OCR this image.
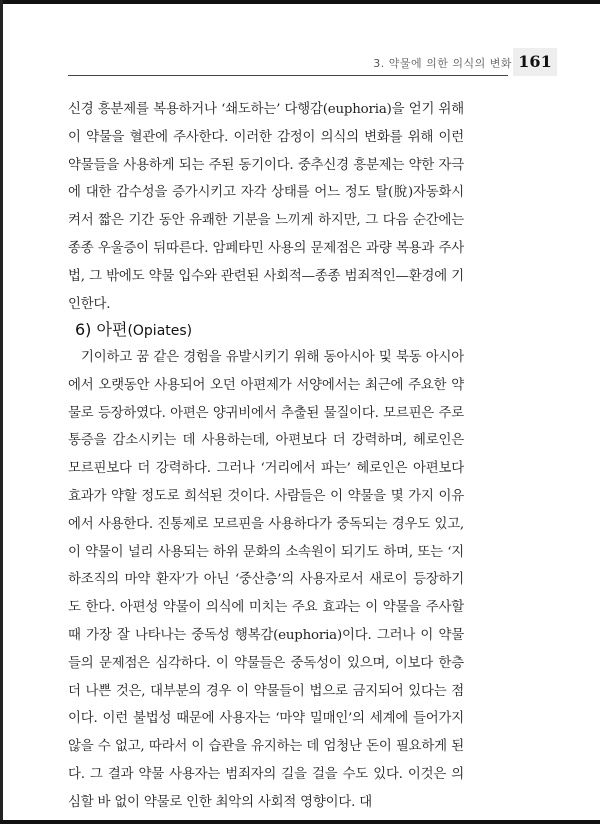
3. 약물에 의한 의식의 변화 161

신경 흥분제를 복용하거나 ‘쇄도하는’ 다행감(euphoria)을 얻기 위해 이 약물을 혈관에 주사한다. 이러한 감정이 의식의 변화를 위해 이런 약물들을 사용하게 되는 주된 동기이다. 중추신경 흥분제는 약한 자극에 대한 감수성을 증가시키고 자각 상태를 어느 정도 탈(脫)자동화시켜서 짧은 기간 동안 유쾌한 기분을 느끼게 하지만, 그 다음 순간에는 종종 우울증이 뒤따른다. 암페타민 사용의 문제점은 과량 복용과 주사법, 그 밖에도 약물 입수와 관련된 사회적—종종 범죄적인—환경에 기인한다.

6) 아편(Opiates)

기이하고 꿈 같은 경험을 유발시키기 위해 동아시아 및 북동 아시아에서 오랫동안 사용되어 오던 아편제가 서양에서는 최근에 주요한 약물로 등장하였다. 아편은 양귀비에서 추출된 물질이다. 모르핀은 주로 통증을 감소시키는 데 사용하는데, 아편보다 더 강력하며, 헤로인은 모르핀보다 더 강력하다. 그러나 ‘거리에서 파는’ 헤로인은 아편보다 효과가 약할 정도로 희석된 것이다. 사람들은 이 약물을 몇 가지 이유에서 사용한다. 진통제로 모르핀을 사용하다가 중독되는 경우도 있고, 이 약물이 널리 사용되는 하위 문화의 소속원이 되기도 하며, 또는 ‘지하조직의 마약 환자’가 아닌 ‘중산층’의 사용자로서 새로이 등장하기도 한다. 아편성 약물이 의식에 미치는 주요 효과는 이 약물을 주사할 때 가장 잘 나타나는 중독성 행복감(euphoria)이다. 그러나 이 약물들의 문제점은 심각하다. 이 약물들은 중독성이 있으며, 이보다 한층 더 나쁜 것은, 대부분의 경우 이 약물들이 법으로 금지되어 있다는 점이다. 이런 불법성 때문에 사용자는 ‘마약 밀매인’의 세계에 들어가지 않을 수 없고, 따라서 이 습관을 유지하는 데 엄청난 돈이 필요하게 된다. 그 결과 약물 사용자는 범죄자의 길을 걸을 수도 있다. 이것은 의심할 바 없이 약물로 인한 최악의 사회적 영향이다. 대
